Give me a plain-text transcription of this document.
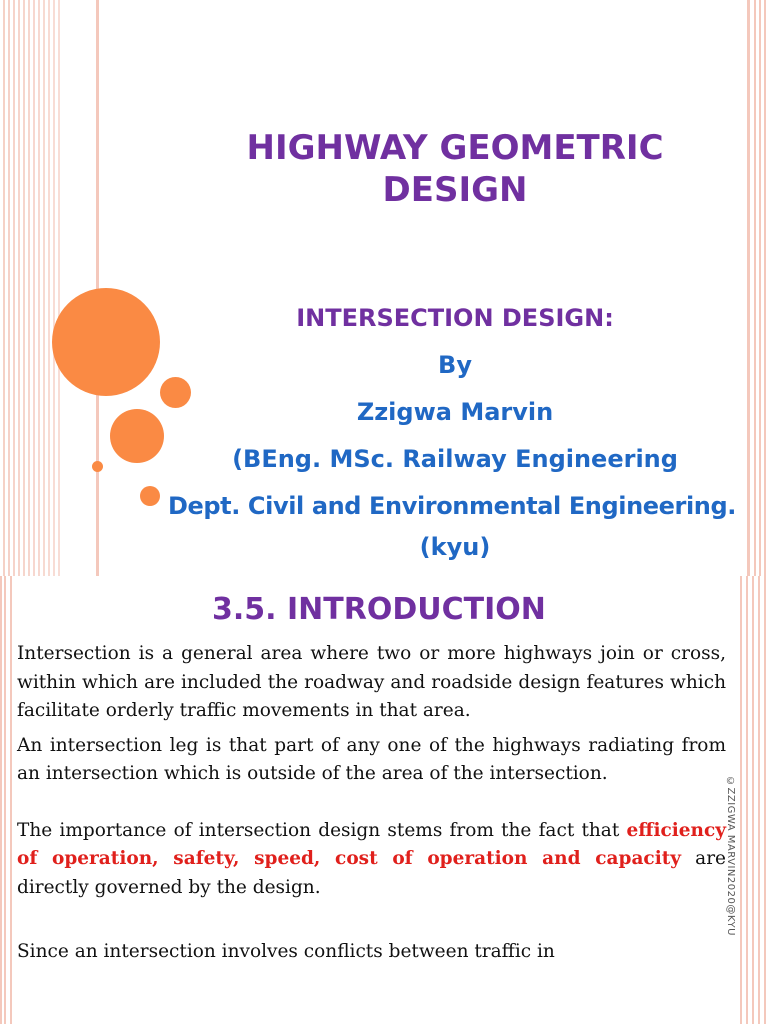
HIGHWAY GEOMETRIC
DESIGN
INTERSECTION DESIGN:
By
Zzigwa Marvin
(BEng. MSc. Railway Engineering
Dept. Civil and Environmental Engineering.
(kyu)
3.5. INTRODUCTION

Intersection is a general area where two or more highways join or cross, within which are included the roadway and roadside design features which facilitate orderly traffic movements in that area.

An intersection leg is that part of any one of the highways radiating from an intersection which is outside of the area of the intersection.

The importance of intersection design stems from the fact that efficiency of operation, safety, speed, cost of operation and capacity are directly governed by the design.

Since an intersection involves conflicts between traffic in

©ZZIGWA MARVIN2020@KYU
